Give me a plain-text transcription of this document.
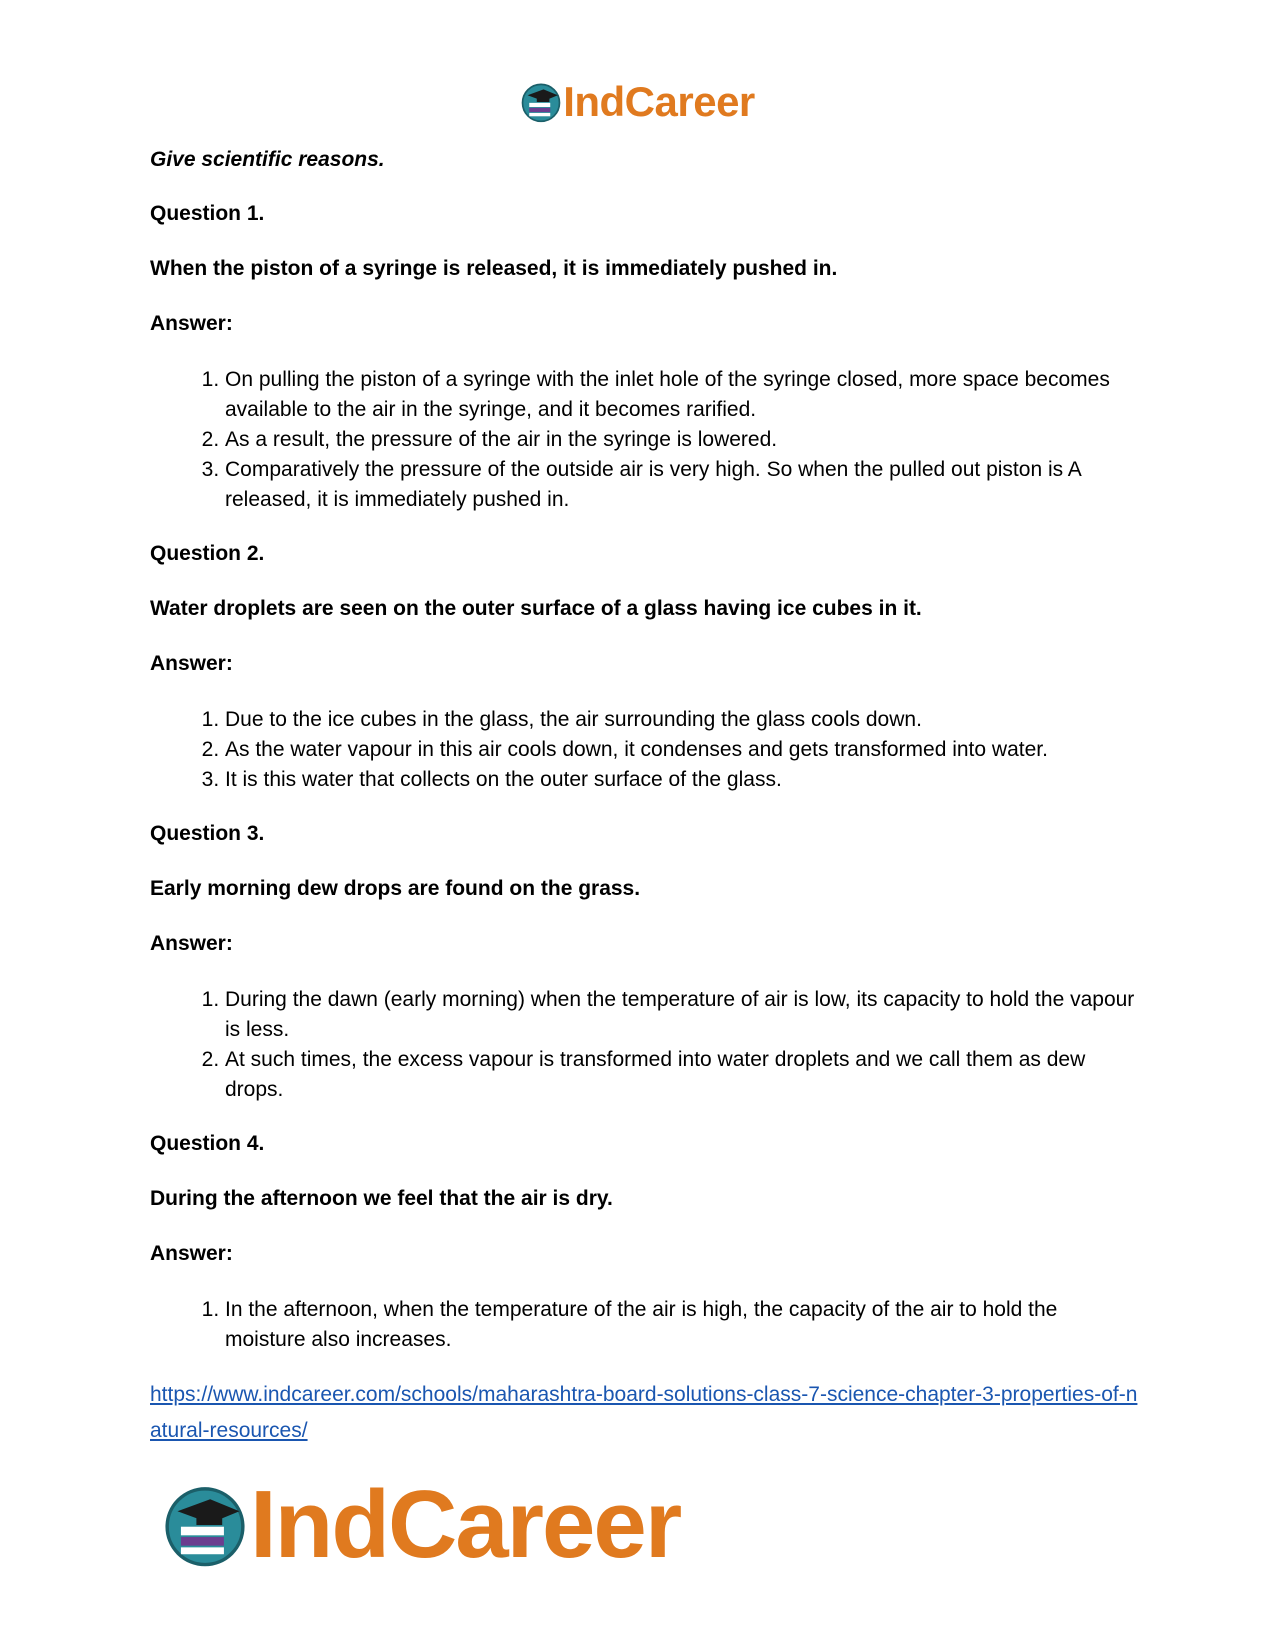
IndCareer

Give scientific reasons.

Question 1.

When the piston of a syringe is released, it is immediately pushed in.

Answer:

1. On pulling the piston of a syringe with the inlet hole of the syringe closed, more space becomes available to the air in the syringe, and it becomes rarified.
2. As a result, the pressure of the air in the syringe is lowered.
3. Comparatively the pressure of the outside air is very high. So when the pulled out piston is A released, it is immediately pushed in.

Question 2.

Water droplets are seen on the outer surface of a glass having ice cubes in it.

Answer:

1. Due to the ice cubes in the glass, the air surrounding the glass cools down.
2. As the water vapour in this air cools down, it condenses and gets transformed into water.
3. It is this water that collects on the outer surface of the glass.

Question 3.

Early morning dew drops are found on the grass.

Answer:

1. During the dawn (early morning) when the temperature of air is low, its capacity to hold the vapour is less.
2. At such times, the excess vapour is transformed into water droplets and we call them as dew drops.

Question 4.

During the afternoon we feel that the air is dry.

Answer:

1. In the afternoon, when the temperature of the air is high, the capacity of the air to hold the moisture also increases.
https://www.indcareer.com/schools/maharashtra-board-solutions-class-7-science-chapter-3-properties-of-natural-resources/
IndCareer
